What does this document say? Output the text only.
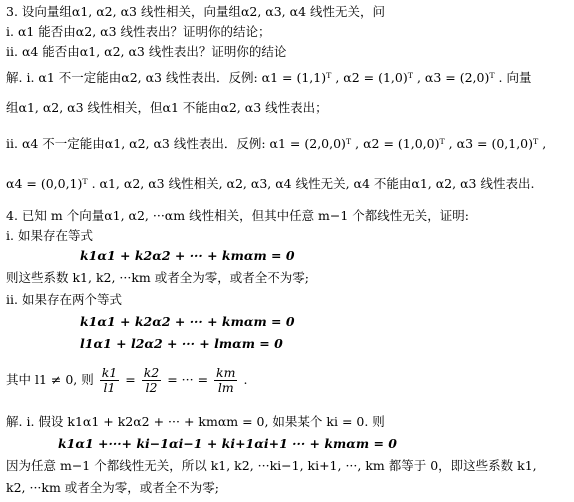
3. 设向量组α1, α2, α3 线性相关，向量组α2, α3, α4 线性无关，问
i. α1 能否由α2, α3 线性表出？证明你的结论；
ii. α4 能否由α1, α2, α3 线性表出？证明你的结论
解. i. α1 不一定能由α2, α3 线性表出．反例: α1 = (1,1)ᵀ , α2 = (1,0)ᵀ , α3 = (2,0)ᵀ . 向量
组α1, α2, α3 线性相关，但α1 不能由α2, α3 线性表出；
ii. α4 不一定能由α1, α2, α3 线性表出．反例: α1 = (2,0,0)ᵀ , α2 = (1,0,0)ᵀ , α3 = (0,1,0)ᵀ ,
α4 = (0,0,1)ᵀ . α1, α2, α3 线性相关, α2, α3, α4 线性无关, α4 不能由α1, α2, α3 线性表出.
4. 已知 m 个向量α1, α2, ···αm 线性相关，但其中任意 m−1 个都线性无关，证明:
i. 如果存在等式
k1α1 + k2α2 + ··· + kmαm = 0
则这些系数 k1, k2, ···km 或者全为零，或者全不为零;
ii. 如果存在两个等式
k1α1 + k2α2 + ··· + kmαm = 0
l1α1 + l2α2 + ··· + lmαm = 0
其中 l1 ≠ 0, 则 $\frac{k1}{l1} = \frac{k2}{l2}$ = ··· = $\frac{km}{lm}$ .
解. i. 假设 k1α1 + k2α2 + ··· + kmαm = 0, 如果某个 ki = 0. 则
k1α1 +···+ ki−1αi−1 + ki+1αi+1 ··· + kmαm = 0
因为任意 m−1 个都线性无关，所以 k1, k2, ···ki−1, ki+1, ···, km 都等于 0，即这些系数 k1,
k2, ···km 或者全为零，或者全不为零;
